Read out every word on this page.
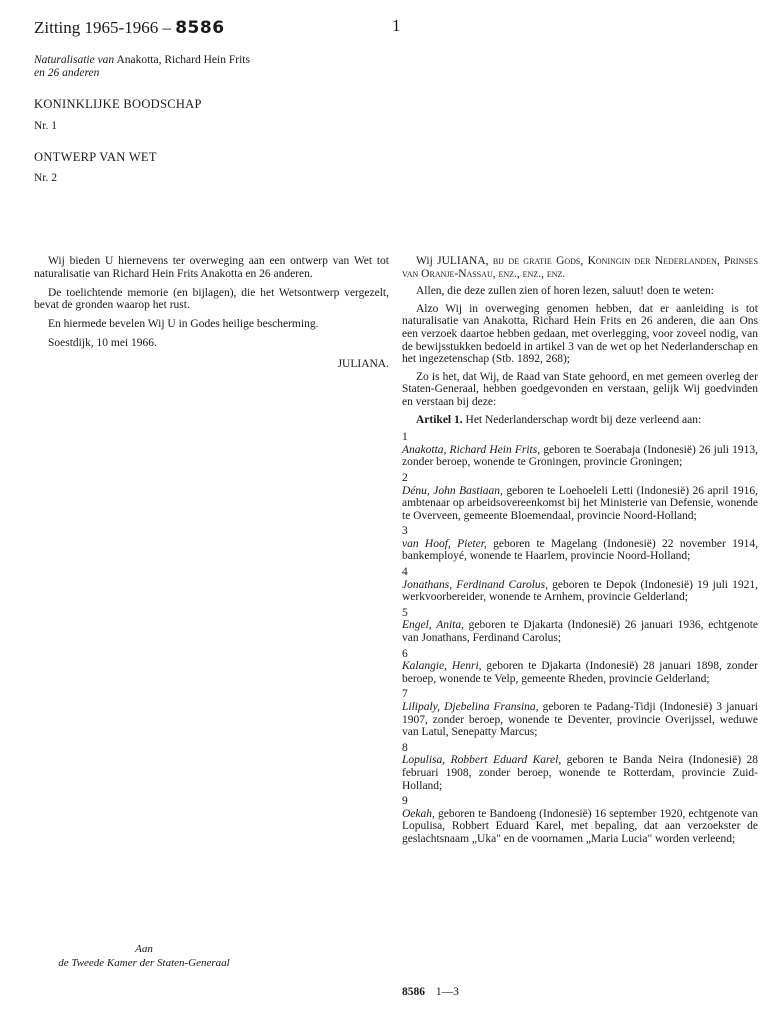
Zitting 1965-1966 – 8586	1
Naturalisatie van Anakotta, Richard Hein Frits
en 26 anderen
KONINKLIJKE BOODSCHAP
Nr. 1
ONTWERP VAN WET
Nr. 2

Wij bieden U hiernevens ter overweging aan een ontwerp van Wet tot naturalisatie van Richard Hein Frits Anakotta en 26 anderen.

De toelichtende memorie (en bijlagen), die het Wetsontwerp vergezelt, bevat de gronden waarop het rust.

En hiermede bevelen Wij U in Godes heilige bescherming.

Soestdijk, 10 mei 1966.
JULIANA.
Aan
de Tweede Kamer der Staten-Generaal

Wij JULIANA, bij de gratie Gods, Koningin der Nederlanden, Prinses van Oranje-Nassau, enz., enz., enz.

Allen, die deze zullen zien of horen lezen, saluut! doen te weten:

Alzo Wij in overweging genomen hebben, dat er aanleiding is tot naturalisatie van Anakotta, Richard Hein Frits en 26 anderen, die aan Ons een verzoek daartoe hebben gedaan, met overlegging, voor zoveel nodig, van de bewijsstukken bedoeld in artikel 3 van de wet op het Nederlanderschap en het ingezetenschap (Stb. 1892, 268);

Zo is het, dat Wij, de Raad van State gehoord, en met gemeen overleg der Staten-Generaal, hebben goedgevonden en verstaan, gelijk Wij goedvinden en verstaan bij deze:

Artikel 1. Het Nederlanderschap wordt bij deze verleend aan:

1
Anakotta, Richard Hein Frits, geboren te Soerabaja (Indonesië) 26 juli 1913, zonder beroep, wonende te Groningen, provincie Groningen;
2
Dénu, John Bastiaan, geboren te Loehoeleli Letti (Indonesië) 26 april 1916, ambtenaar op arbeidsovereenkomst bij het Ministerie van Defensie, wonende te Overveen, gemeente Bloemendaal, provincie Noord-Holland;
3
van Hoof, Pieter, geboren te Magelang (Indonesië) 22 november 1914, bankemployé, wonende te Haarlem, provincie Noord-Holland;
4
Jonathans, Ferdinand Carolus, geboren te Depok (Indonesië) 19 juli 1921, werkvoorbereider, wonende te Arnhem, provincie Gelderland;
5
Engel, Anita, geboren te Djakarta (Indonesië) 26 januari 1936, echtgenote van Jonathans, Ferdinand Carolus;
6
Kalangie, Henri, geboren te Djakarta (Indonesië) 28 januari 1898, zonder beroep, wonende te Velp, gemeente Rheden, provincie Gelderland;
7
Lilipaly, Djebelina Fransina, geboren te Padang-Tidji (Indonesië) 3 januari 1907, zonder beroep, wonende te Deventer, provincie Overijssel, weduwe van Latul, Senepatty Marcus;
8
Lopulisa, Robbert Eduard Karel, geboren te Banda Neira (Indonesië) 28 februari 1908, zonder beroep, wonende te Rotterdam, provincie Zuid-Holland;
9
Oekah, geboren te Bandoeng (Indonesië) 16 september 1920, echtgenote van Lopulisa, Robbert Eduard Karel, met bepaling, dat aan verzoekster de geslachtsnaam „Uka" en de voornamen „Maria Lucia" worden verleend;
8586 1—3
